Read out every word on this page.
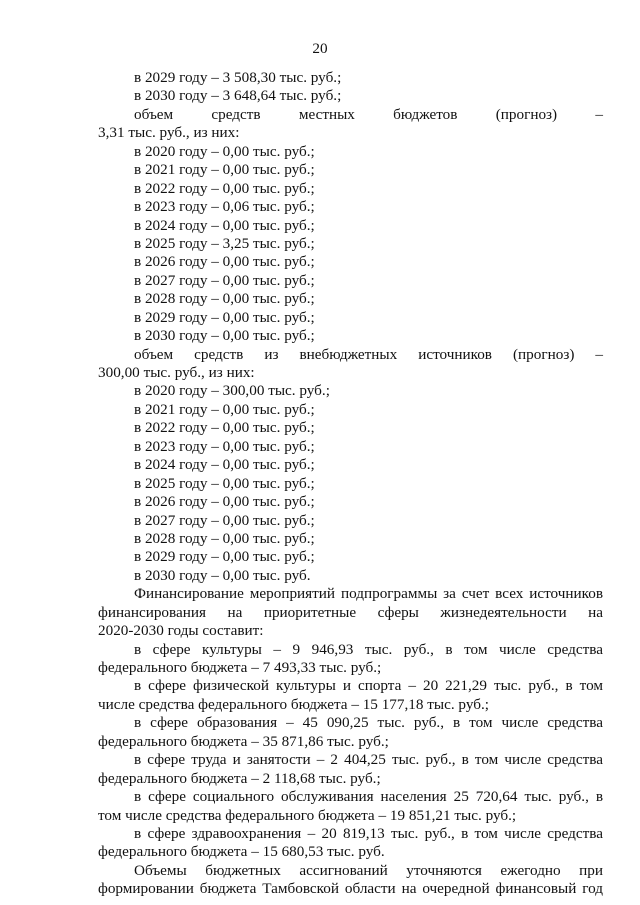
20
в 2029 году – 3 508,30 тыс. руб.;
в 2030 году – 3 648,64 тыс. руб.;
объем средств местных бюджетов (прогноз) –
3,31 тыс. руб., из них:
в 2020 году – 0,00 тыс. руб.;
в 2021 году – 0,00 тыс. руб.;
в 2022 году – 0,00 тыс. руб.;
в 2023 году – 0,06 тыс. руб.;
в 2024 году – 0,00 тыс. руб.;
в 2025 году – 3,25 тыс. руб.;
в 2026 году – 0,00 тыс. руб.;
в 2027 году – 0,00 тыс. руб.;
в 2028 году – 0,00 тыс. руб.;
в 2029 году – 0,00 тыс. руб.;
в 2030 году – 0,00 тыс. руб.;
объем средств из внебюджетных источников (прогноз) –
300,00 тыс. руб., из них:
в 2020 году – 300,00 тыс. руб.;
в 2021 году – 0,00 тыс. руб.;
в 2022 году – 0,00 тыс. руб.;
в 2023 году – 0,00 тыс. руб.;
в 2024 году – 0,00 тыс. руб.;
в 2025 году – 0,00 тыс. руб.;
в 2026 году – 0,00 тыс. руб.;
в 2027 году – 0,00 тыс. руб.;
в 2028 году – 0,00 тыс. руб.;
в 2029 году – 0,00 тыс. руб.;
в 2030 году – 0,00 тыс. руб.
Финансирование мероприятий подпрограммы за счет всех источников
финансирования на приоритетные сферы жизнедеятельности на
2020-2030 годы составит:
в сфере культуры – 9 946,93 тыс. руб., в том числе средства
федерального бюджета – 7 493,33 тыс. руб.;
в сфере физической культуры и спорта – 20 221,29 тыс. руб., в том
числе средства федерального бюджета – 15 177,18 тыс. руб.;
в сфере образования – 45 090,25 тыс. руб., в том числе средства
федерального бюджета – 35 871,86 тыс. руб.;
в сфере труда и занятости – 2 404,25 тыс. руб., в том числе средства
федерального бюджета – 2 118,68 тыс. руб.;
в сфере социального обслуживания населения 25 720,64 тыс. руб., в
том числе средства федерального бюджета – 19 851,21 тыс. руб.;
в сфере здравоохранения – 20 819,13 тыс. руб., в том числе средства
федерального бюджета – 15 680,53 тыс. руб.
Объемы бюджетных ассигнований уточняются ежегодно при
формировании бюджета Тамбовской области на очередной финансовый год
